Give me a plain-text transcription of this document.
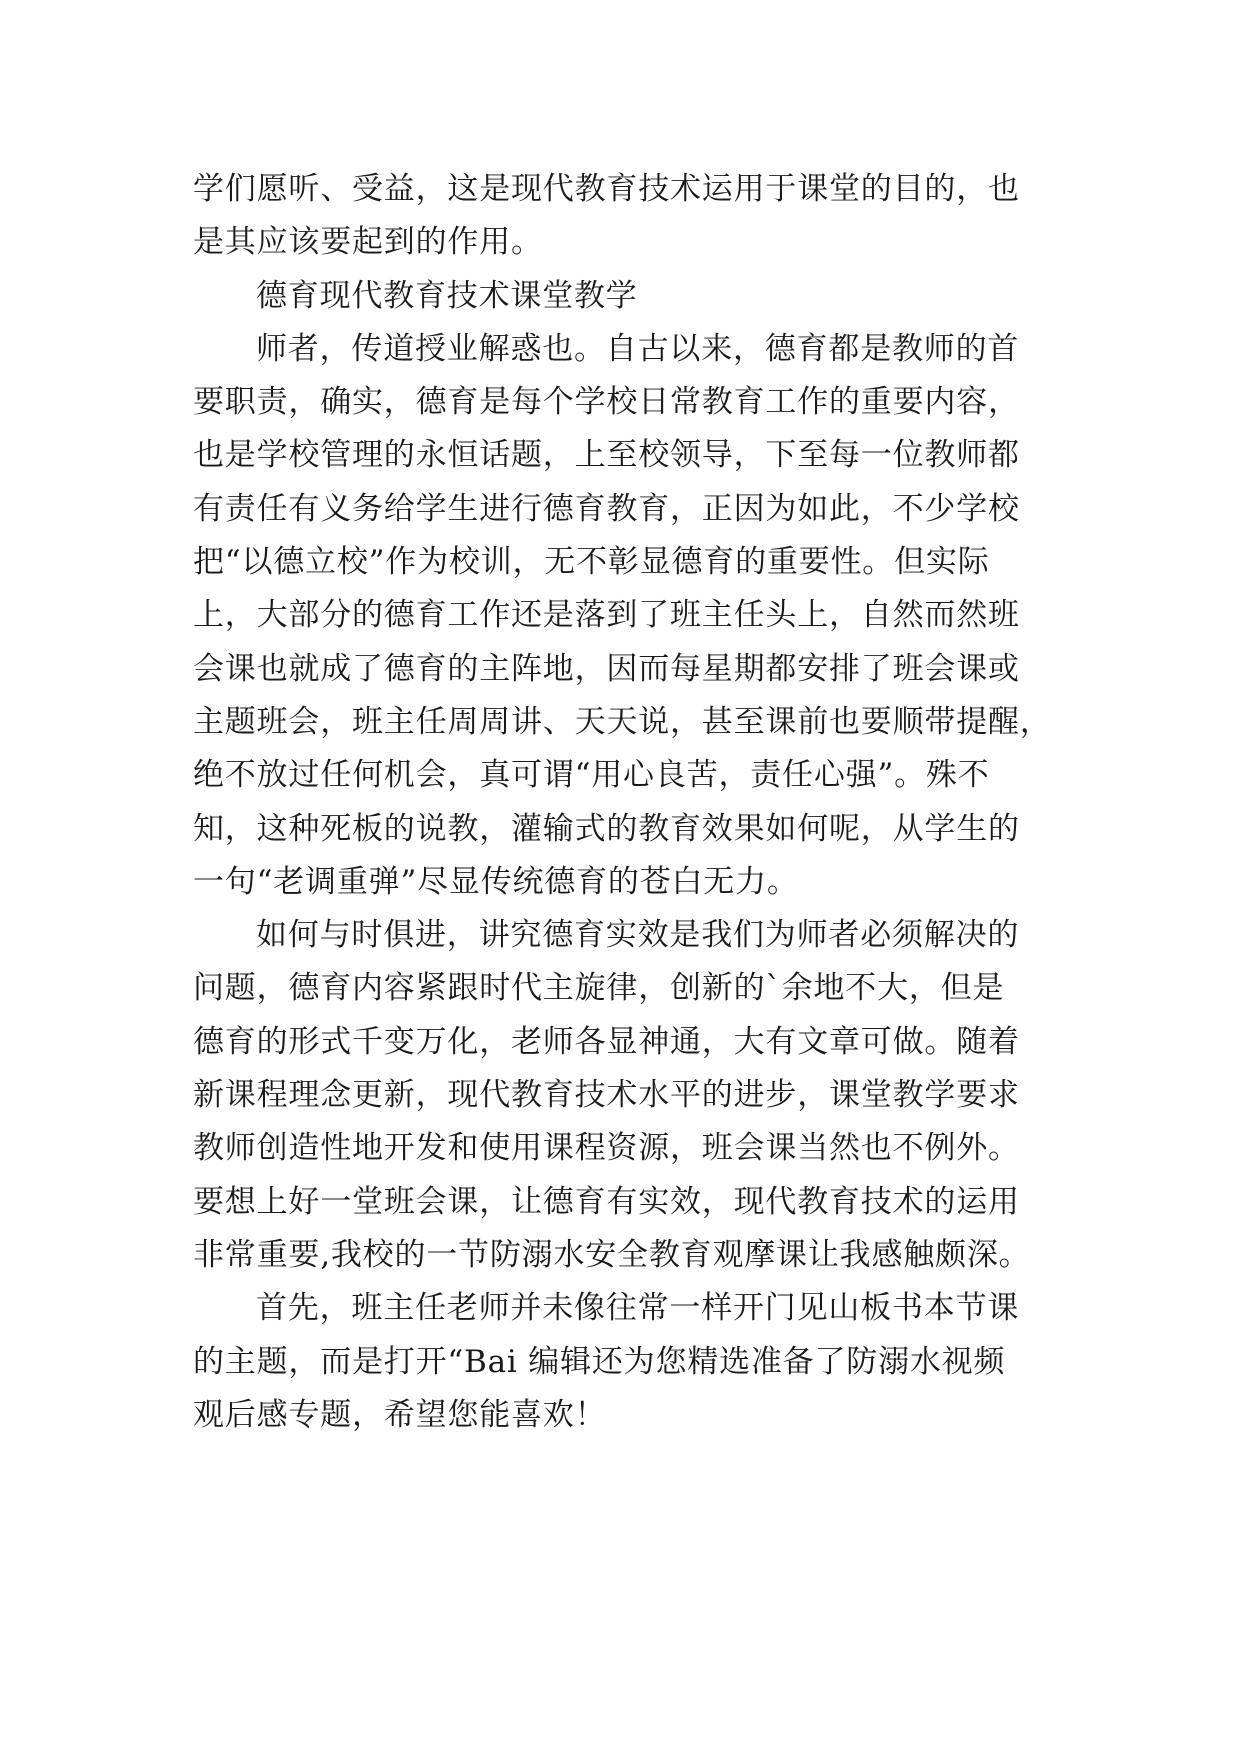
学们愿听、受益，这是现代教育技术运用于课堂的目的，也
是其应该要起到的作用。
德育现代教育技术课堂教学
师者，传道授业解惑也。自古以来，德育都是教师的首
要职责，确实，德育是每个学校日常教育工作的重要内容，
也是学校管理的永恒话题，上至校领导，下至每一位教师都
有责任有义务给学生进行德育教育，正因为如此，不少学校
把“以德立校”作为校训，无不彰显德育的重要性。但实际
上，大部分的德育工作还是落到了班主任头上，自然而然班
会课也就成了德育的主阵地，因而每星期都安排了班会课或
主题班会，班主任周周讲、天天说，甚至课前也要顺带提醒，
绝不放过任何机会，真可谓“用心良苦，责任心强”。殊不
知，这种死板的说教，灌输式的教育效果如何呢，从学生的
一句“老调重弹”尽显传统德育的苍白无力。
如何与时俱进，讲究德育实效是我们为师者必须解决的
问题，德育内容紧跟时代主旋律，创新的`余地不大，但是
德育的形式千变万化，老师各显神通，大有文章可做。随着
新课程理念更新，现代教育技术水平的进步，课堂教学要求
教师创造性地开发和使用课程资源，班会课当然也不例外。
要想上好一堂班会课，让德育有实效，现代教育技术的运用
非常重要,我校的一节防溺水安全教育观摩课让我感触颇深。
首先，班主任老师并未像往常一样开门见山板书本节课
的主题，而是打开“Bai 编辑还为您精选准备了防溺水视频
观后感专题，希望您能喜欢！
